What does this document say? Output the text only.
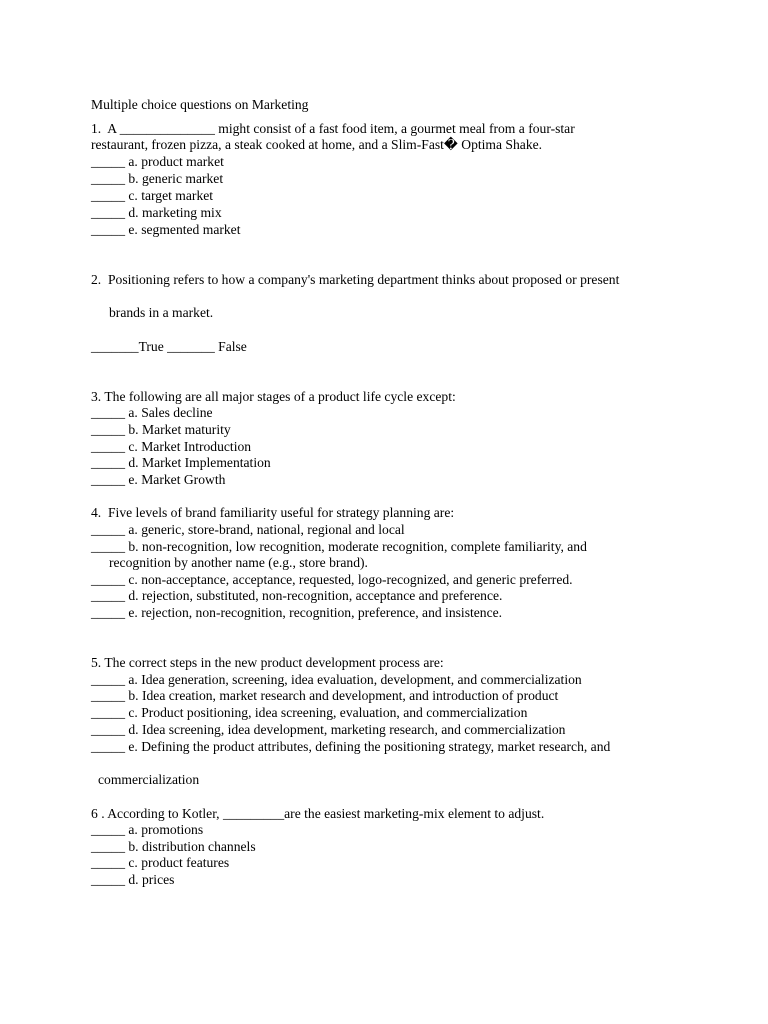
Multiple choice questions on Marketing
1.  A ______________ might consist of a fast food item, a gourmet meal from a four-star
restaurant, frozen pizza, a steak cooked at home, and a Slim-Fast� Optima Shake.
_____ a. product market
_____ b. generic market
_____ c. target market
_____ d. marketing mix
_____ e. segmented market
2.  Positioning refers to how a company's marketing department thinks about proposed or present
brands in a market.
_______True _______ False
3. The following are all major stages of a product life cycle except:
_____ a. Sales decline
_____ b. Market maturity
_____ c. Market Introduction
_____ d. Market Implementation
_____ e. Market Growth
4.  Five levels of brand familiarity useful for strategy planning are:
_____ a. generic, store-brand, national, regional and local
_____ b. non-recognition, low recognition, moderate recognition, complete familiarity, and
recognition by another name (e.g., store brand).
_____ c. non-acceptance, acceptance, requested, logo-recognized, and generic preferred.
_____ d. rejection, substituted, non-recognition, acceptance and preference.
_____ e. rejection, non-recognition, recognition, preference, and insistence.
5. The correct steps in the new product development process are:
_____ a. Idea generation, screening, idea evaluation, development, and commercialization
_____ b. Idea creation, market research and development, and introduction of product
_____ c. Product positioning, idea screening, evaluation, and commercialization
_____ d. Idea screening, idea development, marketing research, and commercialization
_____ e. Defining the product attributes, defining the positioning strategy, market research, and
commercialization
6 . According to Kotler, _________are the easiest marketing-mix element to adjust.
_____ a. promotions
_____ b. distribution channels
_____ c. product features
_____ d. prices
